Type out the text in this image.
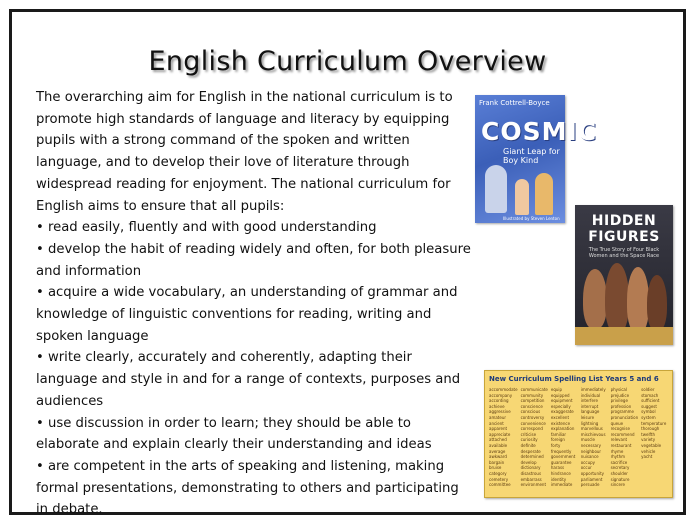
English Curriculum Overview

The overarching aim for English in the national curriculum is to promote high standards of language and literacy by equipping pupils with a strong command of the spoken and written language, and to develop their love of literature through widespread reading for enjoyment. The national curriculum for English aims to ensure that all pupils:

• read easily, fluently and with good understanding

• develop the habit of reading widely and often, for both pleasure and information

• acquire a wide vocabulary, an understanding of grammar and knowledge of linguistic conventions for reading, writing and spoken language

• write clearly, accurately and coherently, adapting their language and style in and for a range of contexts, purposes and audiences

• use discussion in order to learn; they should be able to elaborate and explain clearly their understanding and ideas

• are competent in the arts of speaking and listening, making formal presentations, demonstrating to others and participating in debate.

Frank Cottrell-Boyce
COSMIC
Giant Leap for Boy Kind
Illustrated by Steven Lenton	HIDDEN
FIGURES
The True Story of Four Black Women and the Space Race
New Curriculum Spelling List Years 5 and 6
accommodate
accompany
according
achieve
aggressive
amateur
ancient
apparent
appreciate
attached
available
average
awkward
bargain
bruise
category
cemetery
committee
communicate
community
competition
conscience
conscious
controversy
convenience
correspond
criticise
curiosity
definite
desperate
determined
develop
dictionary
disastrous
embarrass
environment
equip
equipped
equipment
especially
exaggerate
excellent
existence
explanation
familiar
foreign
forty
frequently
government
guarantee
harass
hindrance
identity
immediate
immediately
individual
interfere
interrupt
language
leisure
lightning
marvellous
mischievous
muscle
necessary
neighbour
nuisance
occupy
occur
opportunity
parliament
persuade
physical
prejudice
privilege
profession
programme
pronunciation
queue
recognise
recommend
relevant
restaurant
rhyme
rhythm
sacrifice
secretary
shoulder
signature
sincere
soldier
stomach
sufficient
suggest
symbol
system
temperature
thorough
twelfth
variety
vegetable
vehicle
yacht
